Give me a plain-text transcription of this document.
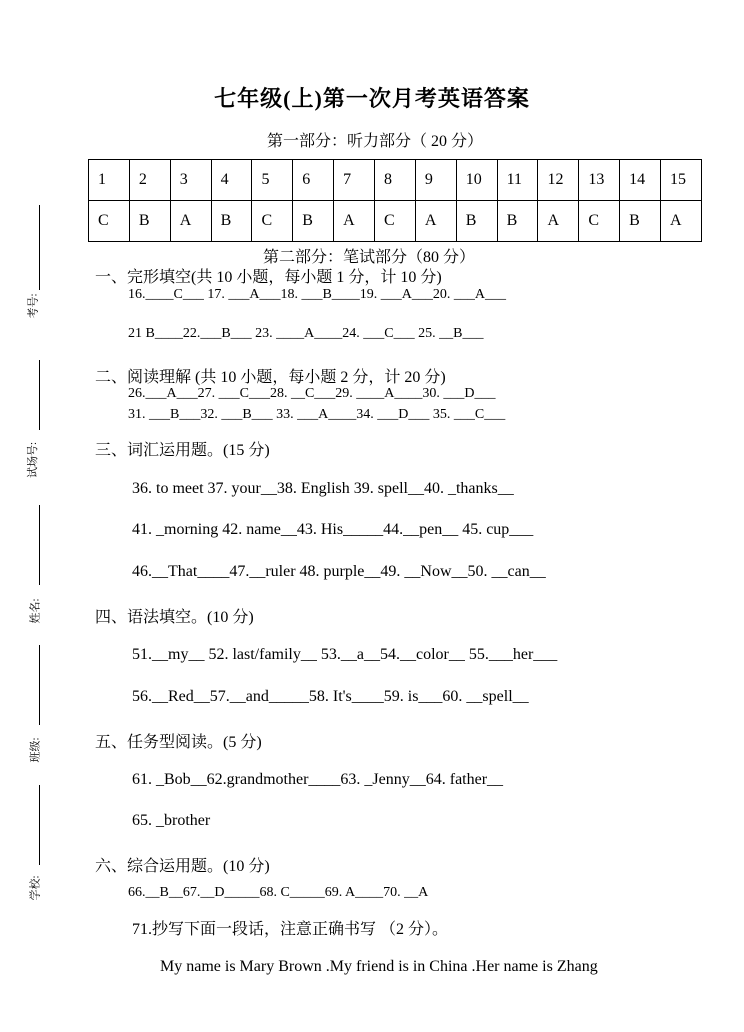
考号:
试场号:
姓名:
班级:
学校:
七年级(上)第一次月考英语答案
第一部分：听力部分（ 20 分）
1	2	3	4	5	6	7	8	9	10	11	12	13	14	15
C	B	A	B	C	B	A	C	A	B	B	A	C	B	A
第二部分：笔试部分（80 分）
一、完形填空(共 10 小题，每小题 1 分，计 10 分)
16.____C___ 17. ___A___18. ___B____19. ___A___20. ___A___
21 B____22.___B___ 23. ____A____24. ___C___ 25. __B___
二、阅读理解 (共 10 小题，每小题 2 分，计 20 分)
26.___A___27. ___C___28. __C___29. ____A____30. ___D___
31. ___B___32. ___B___ 33. ___A____34. ___D___ 35. ___C___
三、词汇运用题。(15 分)
36. to meet 37. your__38. English 39. spell__40. _thanks__
41. _morning 42. name__43. His_____44.__pen__ 45. cup___
46.__That____47.__ruler 48. purple__49. __Now__50. __can__
四、语法填空。(10 分)
51.__my__ 52. last/family__ 53.__a__54.__color__ 55.___her___
56.__Red__57.__and_____58. It's____59. is___60. __spell__
五、任务型阅读。(5 分)
61. _Bob__62.grandmother____63. _Jenny__64. father__
65. _brother
六、综合运用题。(10 分)
66.__B__67.__D_____68. C_____69. A____70. __A
71.抄写下面一段话，注意正确书写 （2 分）。
My name is Mary Brown .My friend is in China .Her name is Zhang
